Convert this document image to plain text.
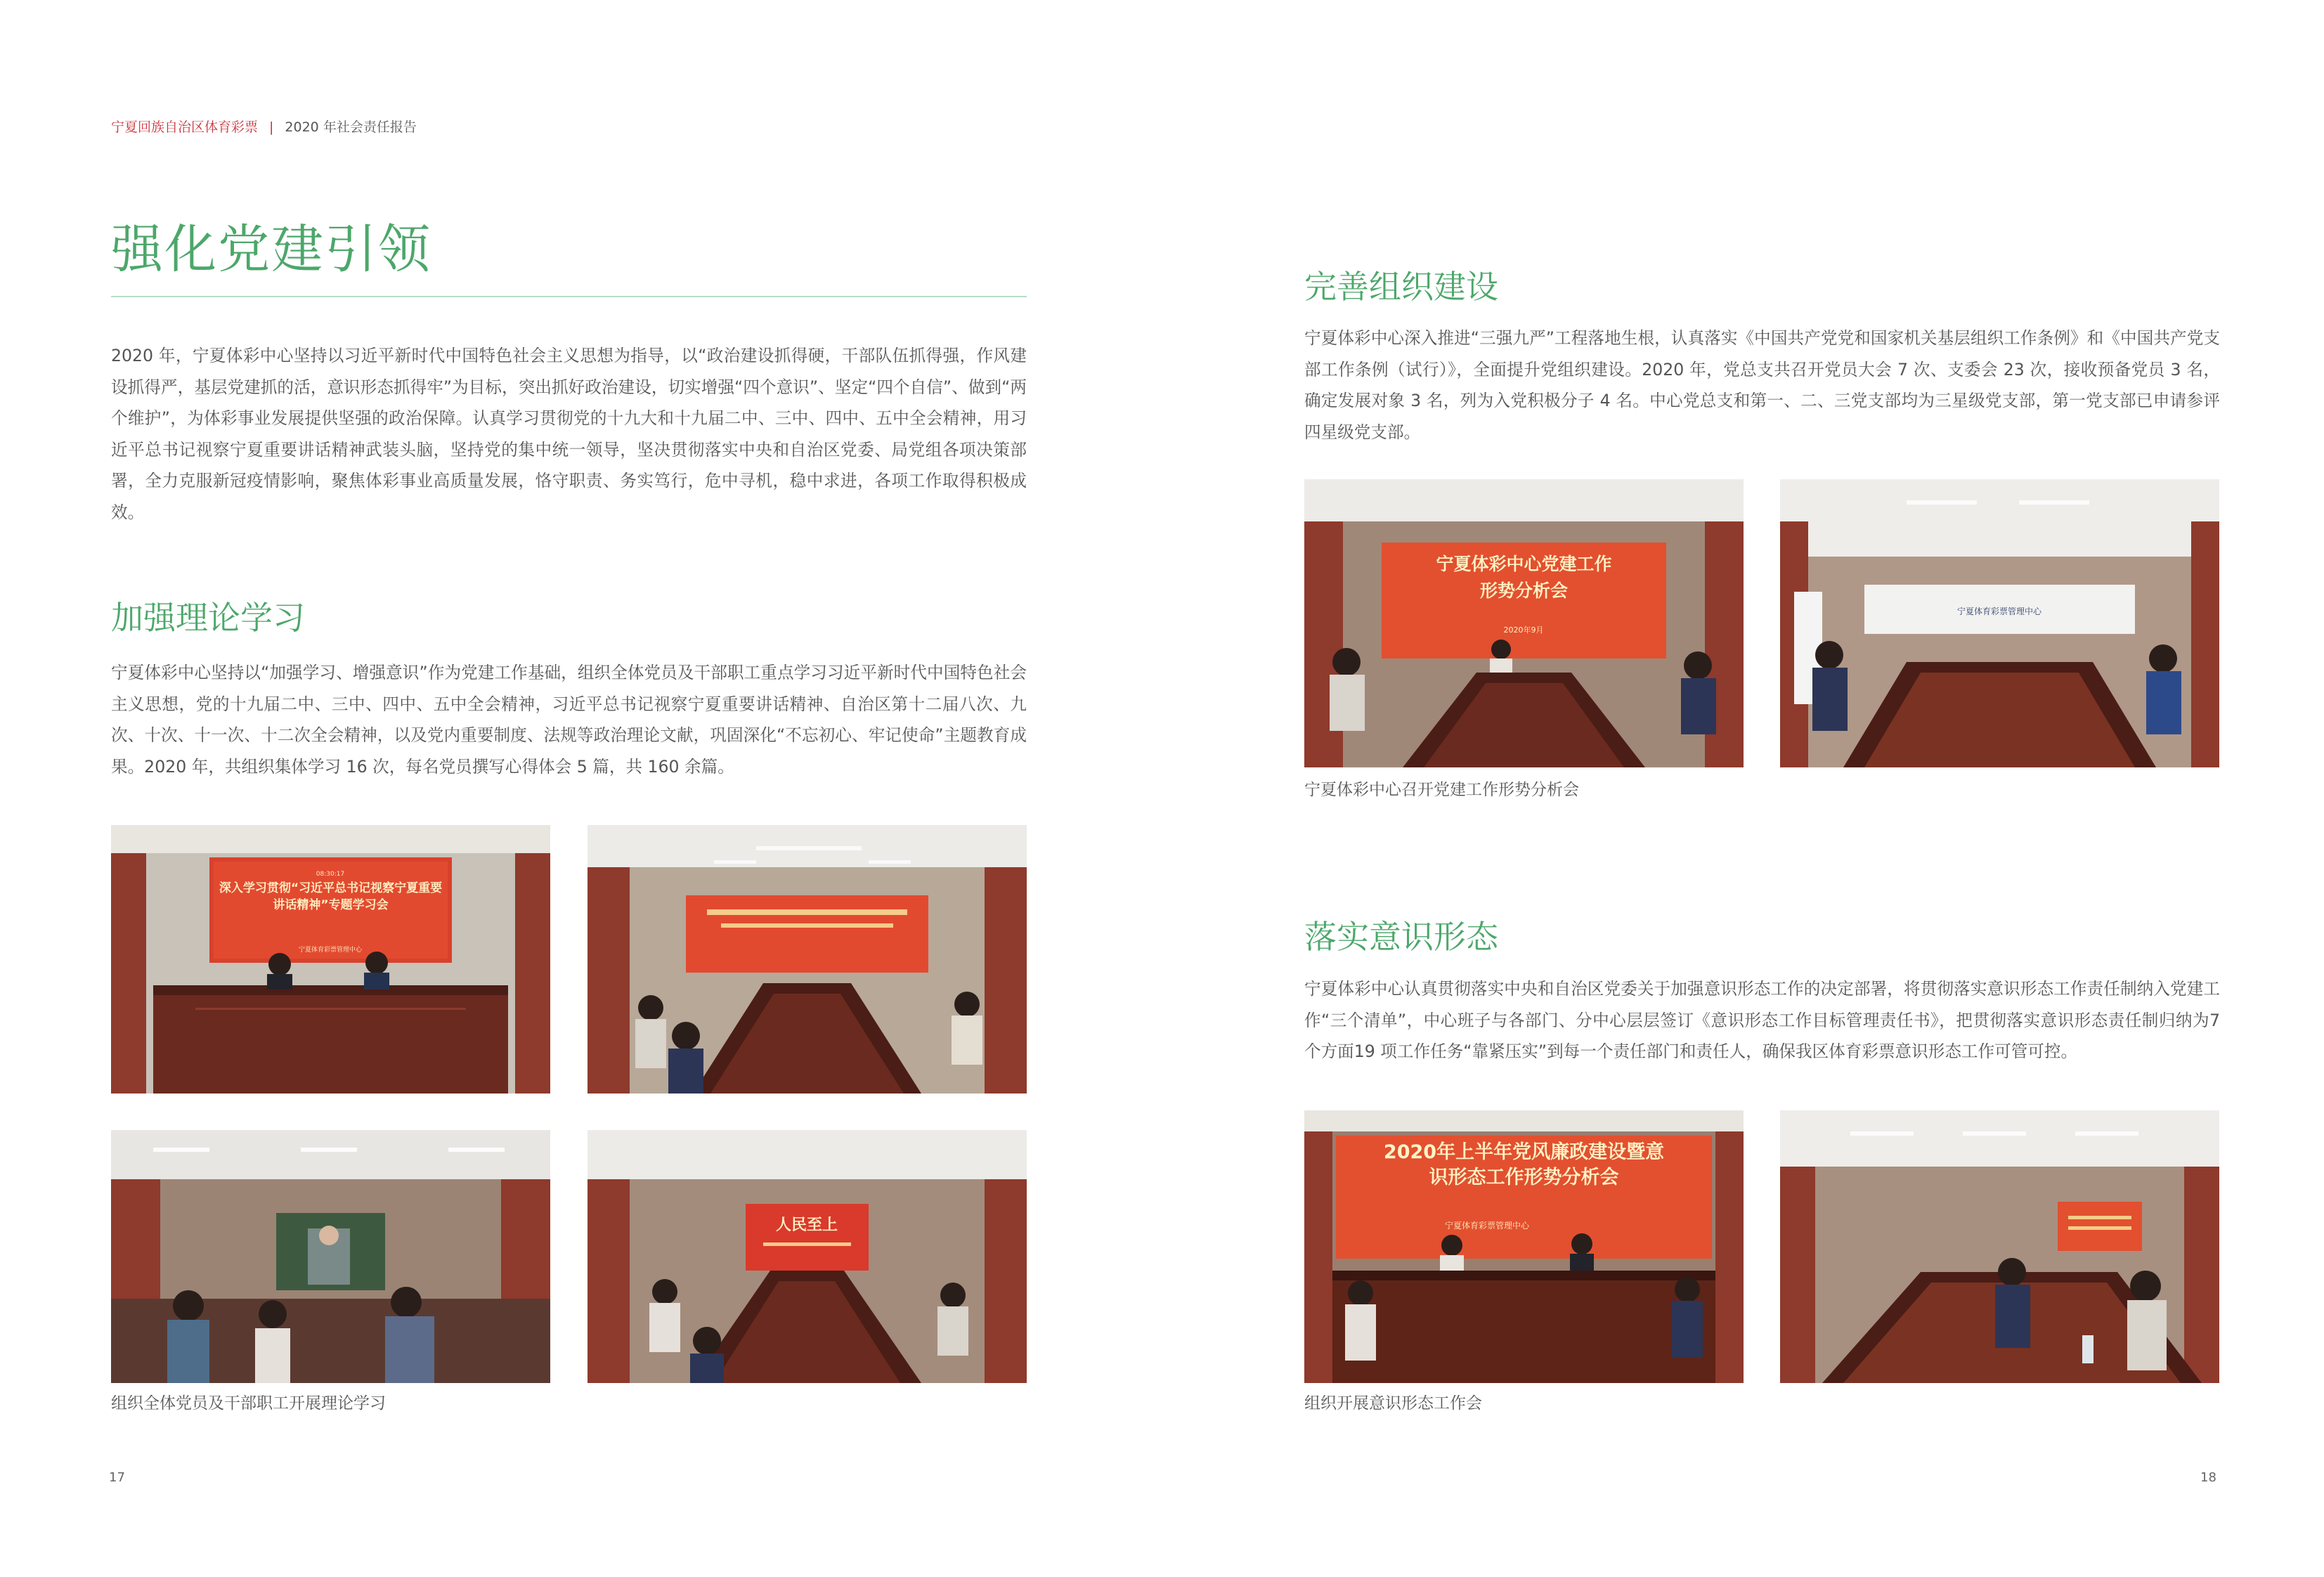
宁夏回族自治区体育彩票 | 2020 年社会责任报告
强化党建引领
2020 年，宁夏体彩中心坚持以习近平新时代中国特色社会主义思想为指导，以“政治建设抓得硬，干部队伍抓得强，作风建设抓得严，基层党建抓的活，意识形态抓得牢”为目标，突出抓好政治建设，切实增强“四个意识”、坚定“四个自信”、做到“两个维护”，为体彩事业发展提供坚强的政治保障。认真学习贯彻党的十九大和十九届二中、三中、四中、五中全会精神，用习近平总书记视察宁夏重要讲话精神武装头脑，坚持党的集中统一领导，坚决贯彻落实中央和自治区党委、局党组各项决策部署，全力克服新冠疫情影响，聚焦体彩事业高质量发展，恪守职责、务实笃行，危中寻机，稳中求进，各项工作取得积极成效。
加强理论学习
宁夏体彩中心坚持以“加强学习、增强意识”作为党建工作基础，组织全体党员及干部职工重点学习习近平新时代中国特色社会主义思想，党的十九届二中、三中、四中、五中全会精神，习近平总书记视察宁夏重要讲话精神、自治区第十二届八次、九次、十次、十一次、十二次全会精神，以及党内重要制度、法规等政治理论文献，巩固深化“不忘初心、牢记使命”主题教育成果。2020 年，共组织集体学习 16 次，每名党员撰写心得体会 5 篇，共 160 余篇。
08:30:17
深入学习贯彻“习近平总书记视察宁夏重要讲话精神”专题学习会
宁夏体育彩票管理中心
人民至上
组织全体党员及干部职工开展理论学习
17
完善组织建设
宁夏体彩中心深入推进“三强九严”工程落地生根，认真落实《中国共产党党和国家机关基层组织工作条例》和《中国共产党支部工作条例（试行）》，全面提升党组织建设。2020 年，党总支共召开党员大会 7 次、支委会 23 次，接收预备党员 3 名，确定发展对象 3 名，列为入党积极分子 4 名。中心党总支和第一、二、三党支部均为三星级党支部，第一党支部已申请参评四星级党支部。
宁夏体彩中心党建工作形势分析会
2020年9月
宁夏体育彩票管理中心
宁夏体彩中心召开党建工作形势分析会
落实意识形态
宁夏体彩中心认真贯彻落实中央和自治区党委关于加强意识形态工作的决定部署，将贯彻落实意识形态工作责任制纳入党建工作“三个清单”，中心班子与各部门、分中心层层签订《意识形态工作目标管理责任书》，把贯彻落实意识形态责任制归纳为7 个方面19 项工作任务“靠紧压实”到每一个责任部门和责任人，确保我区体育彩票意识形态工作可管可控。
2020年上半年党风廉政建设暨意识形态工作形势分析会
宁夏体育彩票管理中心
组织开展意识形态工作会
18
